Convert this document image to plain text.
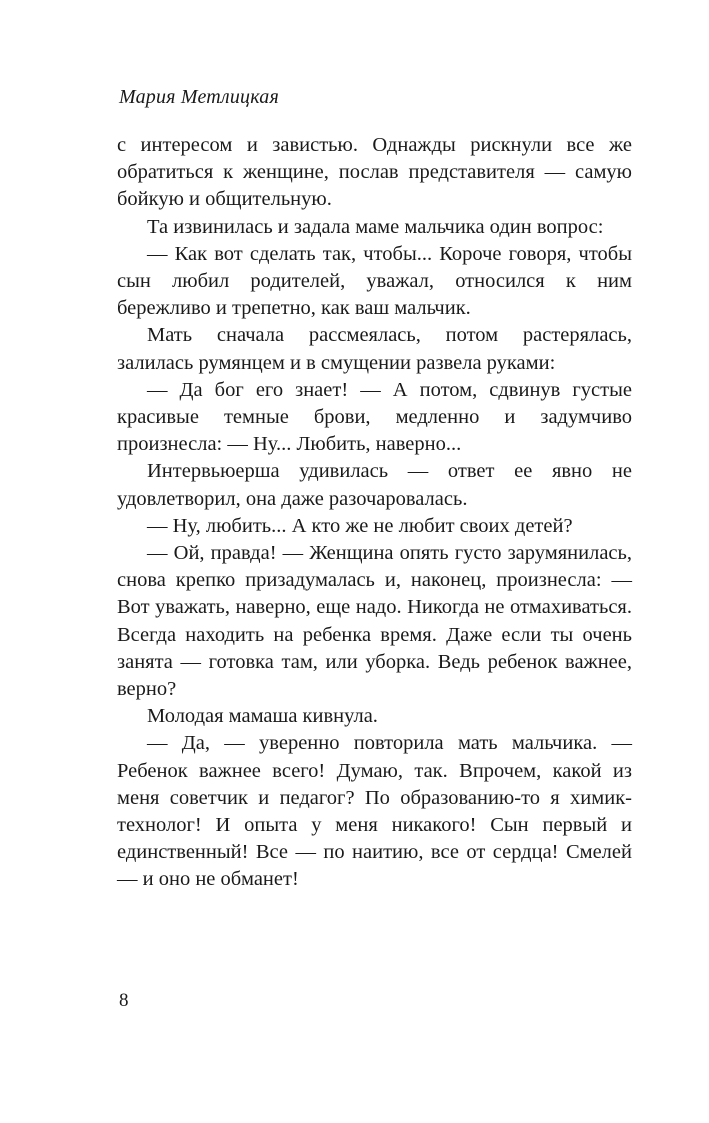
Мария Метлицкая

с интересом и завистью. Однажды рискнули все же обратиться к женщине, послав представителя — самую бойкую и общительную.

Та извинилась и задала маме мальчика один вопрос:

— Как вот сделать так, чтобы... Короче говоря, чтобы сын любил родителей, уважал, относился к ним бережливо и трепетно, как ваш мальчик.

Мать сначала рассмеялась, потом растерялась, залилась румянцем и в смущении развела руками:

— Да бог его знает! — А потом, сдвинув густые красивые темные брови, медленно и задумчиво произнесла: — Ну... Любить, наверно...

Интервьюерша удивилась — ответ ее явно не удовлетворил, она даже разочаровалась.

— Ну, любить... А кто же не любит своих детей?

— Ой, правда! — Женщина опять густо зарумянилась, снова крепко призадумалась и, наконец, произнесла: — Вот уважать, наверно, еще надо. Никогда не отмахиваться. Всегда находить на ребенка время. Даже если ты очень занята — готовка там, или уборка. Ведь ребенок важнее, верно?

Молодая мамаша кивнула.

— Да, — уверенно повторила мать мальчика. — Ребенок важнее всего! Думаю, так. Впрочем, какой из меня советчик и педагог? По образованию-то я химик-технолог! И опыта у меня никакого! Сын первый и единственный! Все — по наитию, все от сердца! Смелей — и оно не обманет!

8
